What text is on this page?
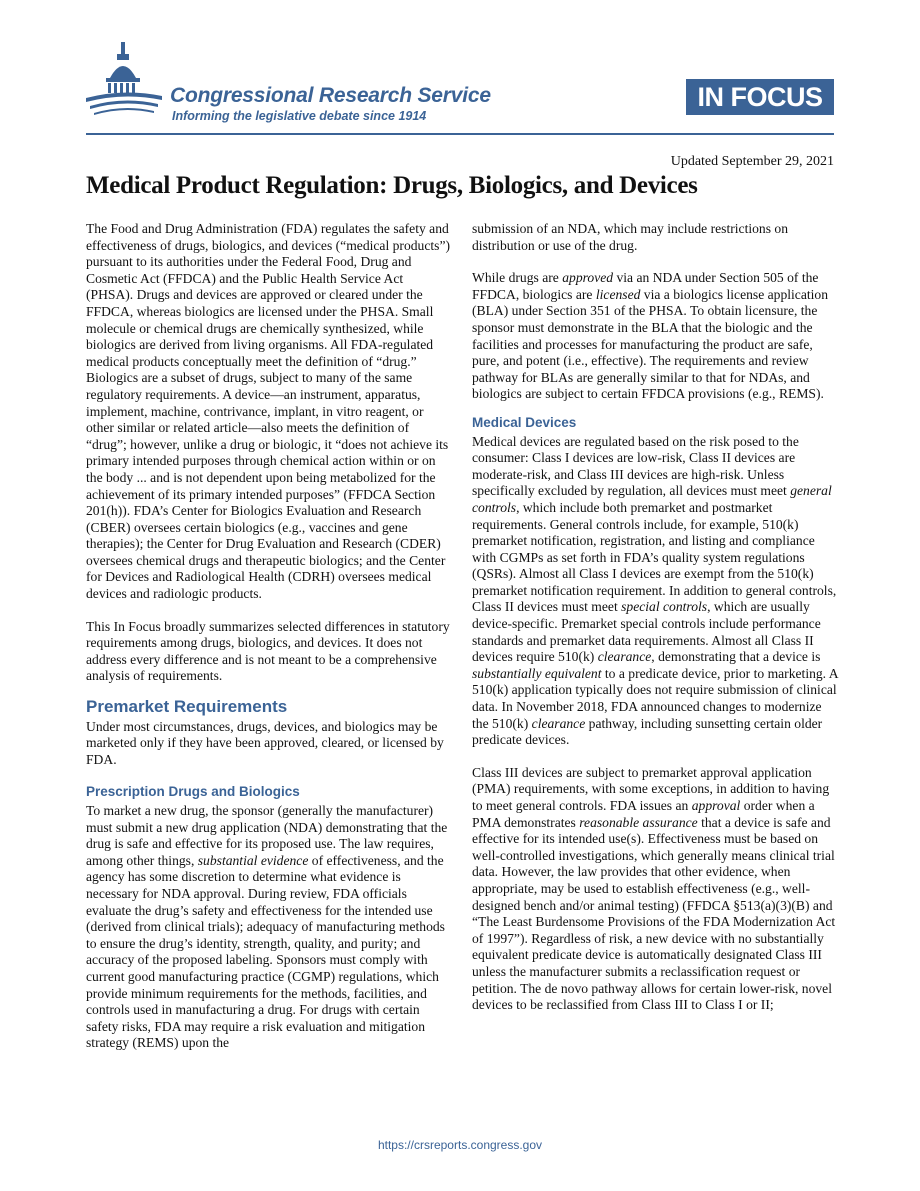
Congressional Research Service
Informing the legislative debate since 1914
IN FOCUS
Updated September 29, 2021
Medical Product Regulation: Drugs, Biologics, and Devices

The Food and Drug Administration (FDA) regulates the safety and effectiveness of drugs, biologics, and devices (“medical products”) pursuant to its authorities under the Federal Food, Drug and Cosmetic Act (FFDCA) and the Public Health Service Act (PHSA). Drugs and devices are approved or cleared under the FFDCA, whereas biologics are licensed under the PHSA. Small molecule or chemical drugs are chemically synthesized, while biologics are derived from living organisms. All FDA-regulated medical products conceptually meet the definition of “drug.” Biologics are a subset of drugs, subject to many of the same regulatory requirements. A device—an instrument, apparatus, implement, machine, contrivance, implant, in vitro reagent, or other similar or related article—also meets the definition of “drug”; however, unlike a drug or biologic, it “does not achieve its primary intended purposes through chemical action within or on the body ... and is not dependent upon being metabolized for the achievement of its primary intended purposes” (FFDCA Section 201(h)). FDA’s Center for Biologics Evaluation and Research (CBER) oversees certain biologics (e.g., vaccines and gene therapies); the Center for Drug Evaluation and Research (CDER) oversees chemical drugs and therapeutic biologics; and the Center for Devices and Radiological Health (CDRH) oversees medical devices and radiologic products.

This In Focus broadly summarizes selected differences in statutory requirements among drugs, biologics, and devices. It does not address every difference and is not meant to be a comprehensive analysis of requirements.

Premarket Requirements

Under most circumstances, drugs, devices, and biologics may be marketed only if they have been approved, cleared, or licensed by FDA.

Prescription Drugs and Biologics

To market a new drug, the sponsor (generally the manufacturer) must submit a new drug application (NDA) demonstrating that the drug is safe and effective for its proposed use. The law requires, among other things, substantial evidence of effectiveness, and the agency has some discretion to determine what evidence is necessary for NDA approval. During review, FDA officials evaluate the drug’s safety and effectiveness for the intended use (derived from clinical trials); adequacy of manufacturing methods to ensure the drug’s identity, strength, quality, and purity; and accuracy of the proposed labeling. Sponsors must comply with current good manufacturing practice (CGMP) regulations, which provide minimum requirements for the methods, facilities, and controls used in manufacturing a drug. For drugs with certain safety risks, FDA may require a risk evaluation and mitigation strategy (REMS) upon the

submission of an NDA, which may include restrictions on distribution or use of the drug.

While drugs are approved via an NDA under Section 505 of the FFDCA, biologics are licensed via a biologics license application (BLA) under Section 351 of the PHSA. To obtain licensure, the sponsor must demonstrate in the BLA that the biologic and the facilities and processes for manufacturing the product are safe, pure, and potent (i.e., effective). The requirements and review pathway for BLAs are generally similar to that for NDAs, and biologics are subject to certain FFDCA provisions (e.g., REMS).

Medical Devices

Medical devices are regulated based on the risk posed to the consumer: Class I devices are low-risk, Class II devices are moderate-risk, and Class III devices are high-risk. Unless specifically excluded by regulation, all devices must meet general controls, which include both premarket and postmarket requirements. General controls include, for example, 510(k) premarket notification, registration, and listing and compliance with CGMPs as set forth in FDA’s quality system regulations (QSRs). Almost all Class I devices are exempt from the 510(k) premarket notification requirement. In addition to general controls, Class II devices must meet special controls, which are usually device-specific. Premarket special controls include performance standards and premarket data requirements. Almost all Class II devices require 510(k) clearance, demonstrating that a device is substantially equivalent to a predicate device, prior to marketing. A 510(k) application typically does not require submission of clinical data. In November 2018, FDA announced changes to modernize the 510(k) clearance pathway, including sunsetting certain older predicate devices.

Class III devices are subject to premarket approval application (PMA) requirements, with some exceptions, in addition to having to meet general controls. FDA issues an approval order when a PMA demonstrates reasonable assurance that a device is safe and effective for its intended use(s). Effectiveness must be based on well-controlled investigations, which generally means clinical trial data. However, the law provides that other evidence, when appropriate, may be used to establish effectiveness (e.g., well-designed bench and/or animal testing) (FFDCA §513(a)(3)(B) and “The Least Burdensome Provisions of the FDA Modernization Act of 1997”). Regardless of risk, a new device with no substantially equivalent predicate device is automatically designated Class III unless the manufacturer submits a reclassification request or petition. The de novo pathway allows for certain lower-risk, novel devices to be reclassified from Class III to Class I or II;

https://crsreports.congress.gov
